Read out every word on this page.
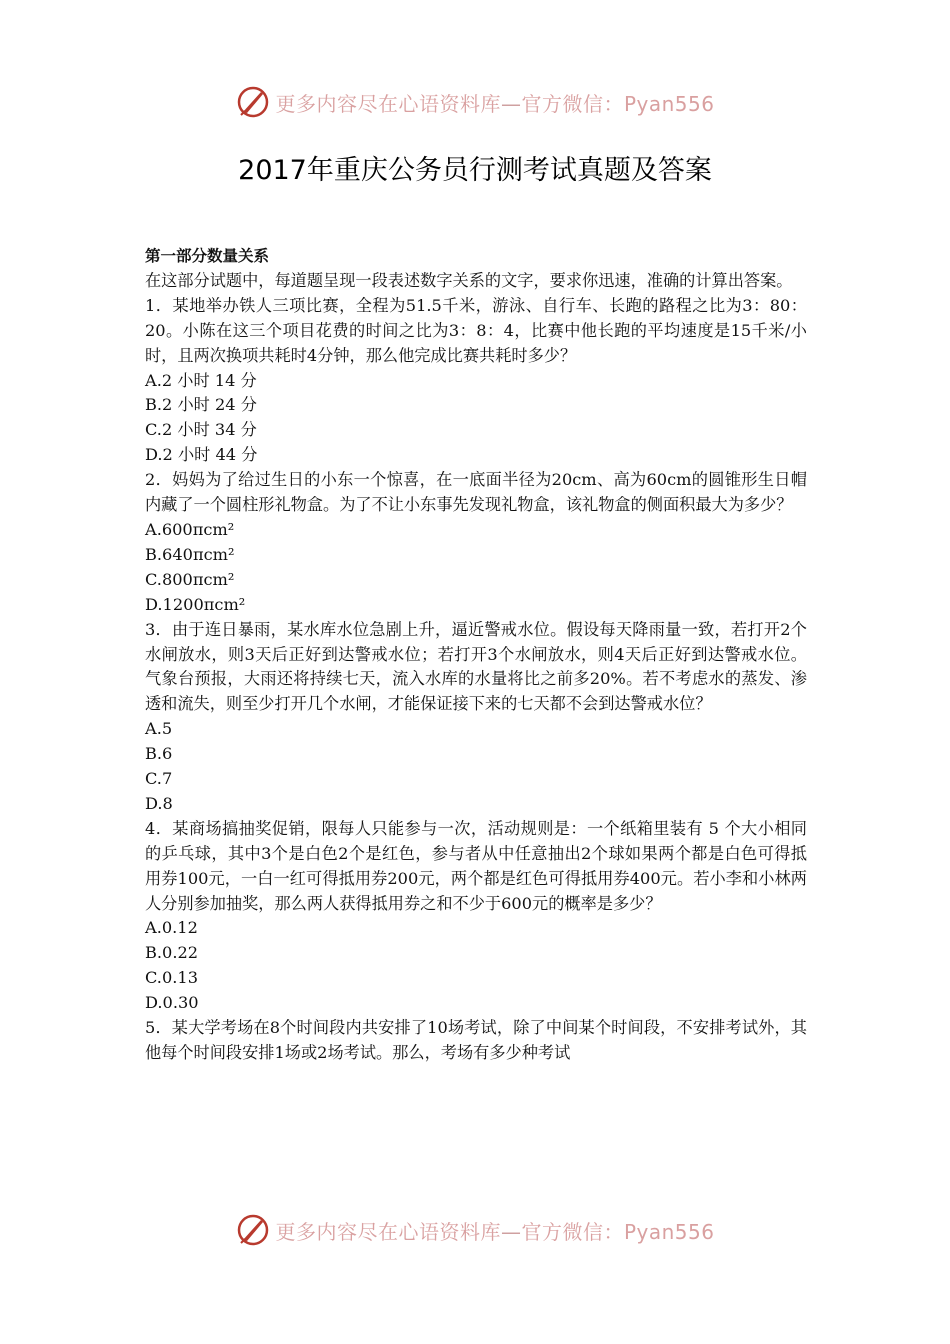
更多内容尽在心语资料库—官方微信：Pyan556
2017年重庆公务员行测考试真题及答案

第一部分数量关系

在这部分试题中，每道题呈现一段表述数字关系的文字，要求你迅速，准确的计算出答案。

1．某地举办铁人三项比赛，全程为51.5千米，游泳、自行车、长跑的路程之比为3：80：20。小陈在这三个项目花费的时间之比为3：8：4，比赛中他长跑的平均速度是15千米/小时，且两次换项共耗时4分钟，那么他完成比赛共耗时多少？

A.2 小时 14 分

B.2 小时 24 分

C.2 小时 34 分

D.2 小时 44 分

2．妈妈为了给过生日的小东一个惊喜，在一底面半径为20cm、高为60cm的圆锥形生日帽内藏了一个圆柱形礼物盒。为了不让小东事先发现礼物盒，该礼物盒的侧面积最大为多少？

A.600πcm²

B.640πcm²

C.800πcm²

D.1200πcm²

3．由于连日暴雨，某水库水位急剧上升，逼近警戒水位。假设每天降雨量一致，若打开2个水闸放水，则3天后正好到达警戒水位；若打开3个水闸放水，则4天后正好到达警戒水位。气象台预报，大雨还将持续七天，流入水库的水量将比之前多20%。若不考虑水的蒸发、渗透和流失，则至少打开几个水闸，才能保证接下来的七天都不会到达警戒水位？

A.5

B.6

C.7

D.8

4．某商场搞抽奖促销，限每人只能参与一次，活动规则是：一个纸箱里装有 5 个大小相同的乒乓球，其中3个是白色2个是红色，参与者从中任意抽出2个球如果两个都是白色可得抵用券100元，一白一红可得抵用券200元，两个都是红色可得抵用券400元。若小李和小林两人分别参加抽奖，那么两人获得抵用券之和不少于600元的概率是多少？

A.0.12

B.0.22

C.0.13

D.0.30

5．某大学考场在8个时间段内共安排了10场考试，除了中间某个时间段，不安排考试外，其他每个时间段安排1场或2场考试。那么，考场有多少种考试

更多内容尽在心语资料库—官方微信：Pyan556
